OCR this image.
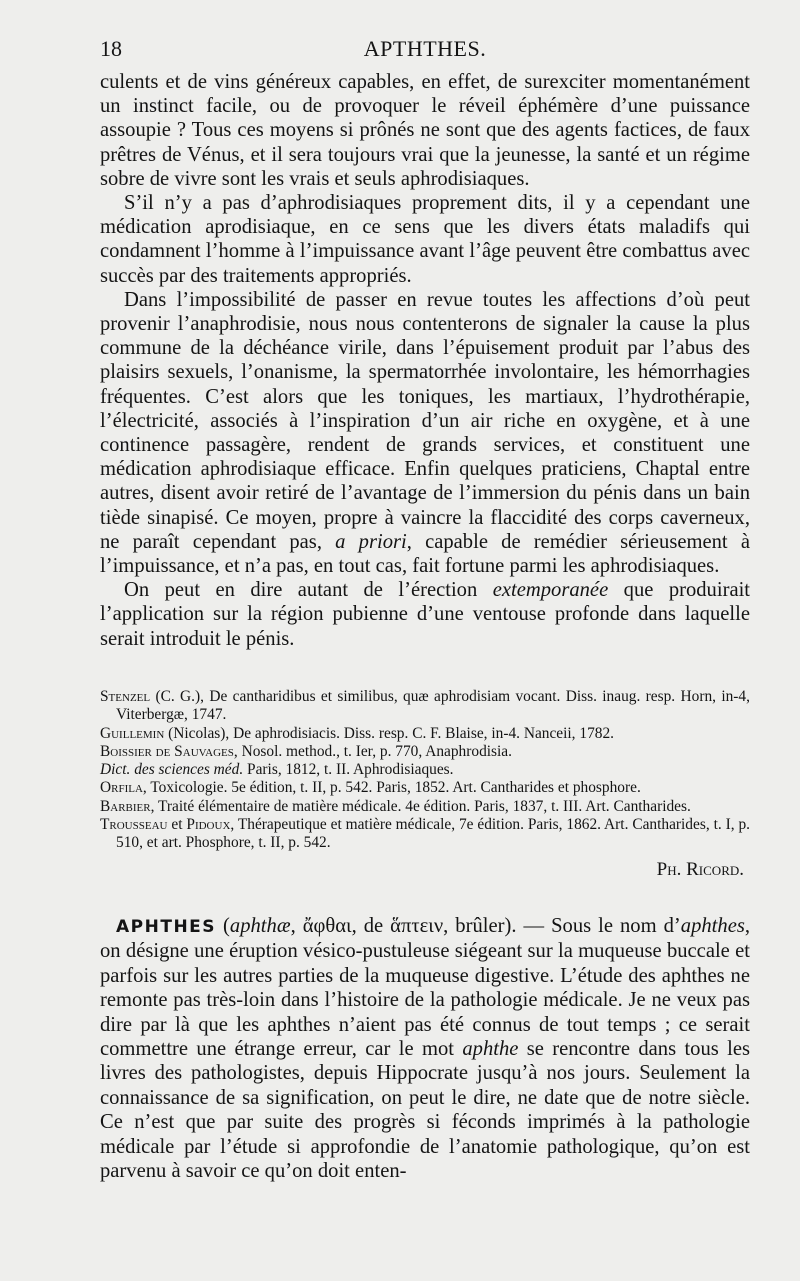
18	APTHTHES.

culents et de vins généreux capables, en effet, de surexciter momentanément un instinct facile, ou de provoquer le réveil éphémère d’une puissance assoupie ? Tous ces moyens si prônés ne sont que des agents factices, de faux prêtres de Vénus, et il sera toujours vrai que la jeunesse, la santé et un régime sobre de vivre sont les vrais et seuls aphrodisiaques.

S’il n’y a pas d’aphrodisiaques proprement dits, il y a cependant une médication aprodisiaque, en ce sens que les divers états maladifs qui condamnent l’homme à l’impuissance avant l’âge peuvent être combattus avec succès par des traitements appropriés.

Dans l’impossibilité de passer en revue toutes les affections d’où peut provenir l’anaphrodisie, nous nous contenterons de signaler la cause la plus commune de la déchéance virile, dans l’épuisement produit par l’abus des plaisirs sexuels, l’onanisme, la spermatorrhée involontaire, les hémorrhagies fréquentes. C’est alors que les toniques, les martiaux, l’hydrothérapie, l’électricité, associés à l’inspiration d’un air riche en oxygène, et à une continence passagère, rendent de grands services, et constituent une médication aphrodisiaque efficace. Enfin quelques praticiens, Chaptal entre autres, disent avoir retiré de l’avantage de l’immersion du pénis dans un bain tiède sinapisé. Ce moyen, propre à vaincre la flaccidité des corps caverneux, ne paraît cependant pas, a priori, capable de remédier sérieusement à l’impuissance, et n’a pas, en tout cas, fait fortune parmi les aphrodisiaques.

On peut en dire autant de l’érection extemporanée que produirait l’application sur la région pubienne d’une ventouse profonde dans laquelle serait introduit le pénis.

Stenzel (C. G.), De cantharidibus et similibus, quæ aphrodisiam vocant. Diss. inaug. resp. Horn, in-4, Viterbergæ, 1747.

Guillemin (Nicolas), De aphrodisiacis. Diss. resp. C. F. Blaise, in-4. Nanceii, 1782.

Boissier de Sauvages, Nosol. method., t. Ier, p. 770, Anaphrodisia.

Dict. des sciences méd. Paris, 1812, t. II. Aphrodisiaques.

Orfila, Toxicologie. 5e édition, t. II, p. 542. Paris, 1852. Art. Cantharides et phosphore.

Barbier, Traité élémentaire de matière médicale. 4e édition. Paris, 1837, t. III. Art. Cantharides.

Trousseau et Pidoux, Thérapeutique et matière médicale, 7e édition. Paris, 1862. Art. Cantharides, t. I, p. 510, et art. Phosphore, t. II, p. 542.

Ph. Ricord.

APHTHES (aphthæ, ἄφθαι, de ἅπτειν, brûler). — Sous le nom d’aphthes, on désigne une éruption vésico-pustuleuse siégeant sur la muqueuse buccale et parfois sur les autres parties de la muqueuse digestive. L’étude des aphthes ne remonte pas très-loin dans l’histoire de la pathologie médicale. Je ne veux pas dire par là que les aphthes n’aient pas été connus de tout temps ; ce serait commettre une étrange erreur, car le mot aphthe se rencontre dans tous les livres des pathologistes, depuis Hippocrate jusqu’à nos jours. Seulement la connaissance de sa signification, on peut le dire, ne date que de notre siècle. Ce n’est que par suite des progrès si féconds imprimés à la pathologie médicale par l’étude si approfondie de l’anatomie pathologique, qu’on est parvenu à savoir ce qu’on doit enten-
